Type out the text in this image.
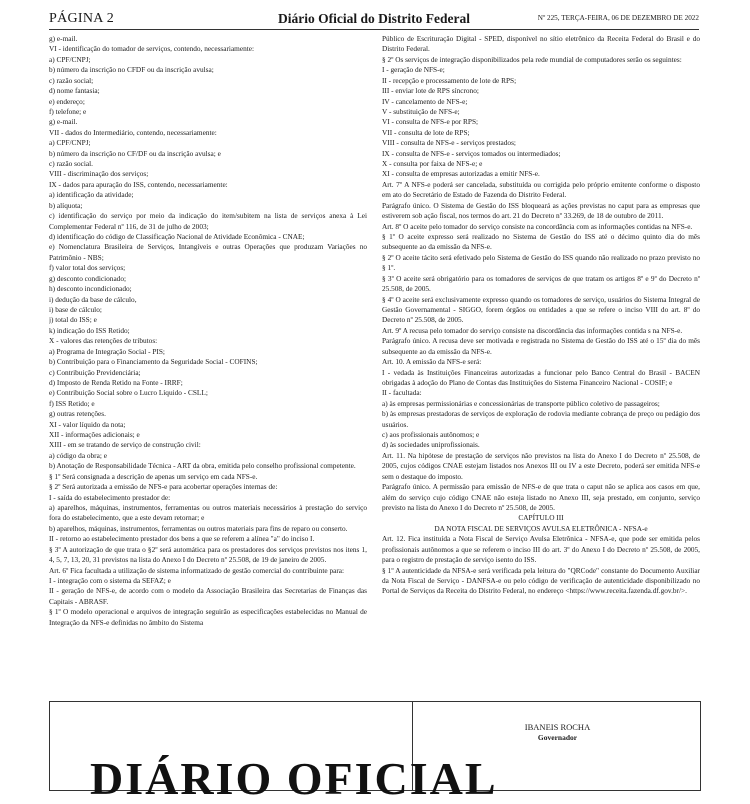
PÁGINA 2	Diário Oficial do Distrito Federal	Nº 225, TERÇA-FEIRA, 06 DE DEZEMBRO DE 2022

g) e-mail.

VI - identificação do tomador de serviços, contendo, necessariamente:

a) CPF/CNPJ;

b) número da inscrição no CFDF ou da inscrição avulsa;

c) razão social;

d) nome fantasia;

e) endereço;

f) telefone; e

g) e-mail.

VII - dados do Intermediário, contendo, necessariamente:

a) CPF/CNPJ;

b) número da inscrição no CF/DF ou da inscrição avulsa; e

c) razão social.

VIII - discriminação dos serviços;

IX - dados para apuração do ISS, contendo, necessariamente:

a) identificação da atividade;

b) alíquota;

c) identificação do serviço por meio da indicação do item/subitem na lista de serviços anexa à Lei Complementar Federal nº 116, de 31 de julho de 2003;

d) identificação do código de Classificação Nacional de Atividade Econômica - CNAE;

e) Nomenclatura Brasileira de Serviços, Intangíveis e outras Operações que produzam Variações no Patrimônio - NBS;

f) valor total dos serviços;

g) desconto condicionado;

h) desconto incondicionado;

i) dedução da base de cálculo,

i) base de cálculo;

j) total do ISS; e

k) indicação do ISS Retido;

X - valores das retenções de tributos:

a) Programa de Integração Social - PIS;

b) Contribuição para o Financiamento da Seguridade Social - COFINS;

c) Contribuição Previdenciária;

d) Imposto de Renda Retido na Fonte - IRRF;

e) Contribuição Social sobre o Lucro Líquido - CSLL;

f) ISS Retido; e

g) outras retenções.

XI - valor líquido da nota;

XII - informações adicionais; e

XIII - em se tratando de serviço de construção civil:

a) código da obra; e

b) Anotação de Responsabilidade Técnica - ART da obra, emitida pelo conselho profissional competente.

§ 1º Será consignada a descrição de apenas um serviço em cada NFS-e.

§ 2º Será autorizada a emissão de NFS-e para acobertar operações internas de:

I - saída do estabelecimento prestador de:

a) aparelhos, máquinas, instrumentos, ferramentas ou outros materiais necessários à prestação do serviço fora do estabelecimento, que a este devam retornar; e

b) aparelhos, máquinas, instrumentos, ferramentas ou outros materiais para fins de reparo ou conserto.

II - retorno ao estabelecimento prestador dos bens a que se referem a alínea "a" do inciso I.

§ 3º A autorização de que trata o §2º será automática para os prestadores dos serviços previstos nos itens 1, 4, 5, 7, 13, 20, 31 previstos na lista do Anexo I do Decreto nº 25.508, de 19 de janeiro de 2005.

Art. 6º Fica facultada a utilização de sistema informatizado de gestão comercial do contribuinte para:

I - integração com o sistema da SEFAZ; e

II - geração de NFS-e, de acordo com o modelo da Associação Brasileira das Secretarias de Finanças das Capitais - ABRASF.

§ 1º O modelo operacional e arquivos de integração seguirão as especificações estabelecidas no Manual de Integração da NFS-e definidas no âmbito do Sistema

Público de Escrituração Digital - SPED, disponível no sítio eletrônico da Receita Federal do Brasil e do Distrito Federal.

§ 2º Os serviços de integração disponibilizados pela rede mundial de computadores serão os seguintes:

I - geração de NFS-e;

II - recepção e processamento de lote de RPS;

III - enviar lote de RPS síncrono;

IV - cancelamento de NFS-e;

V - substituição de NFS-e;

VI - consulta de NFS-e por RPS;

VII - consulta de lote de RPS;

VIII - consulta de NFS-e - serviços prestados;

IX - consulta de NFS-e - serviços tomados ou intermediados;

X - consulta por faixa de NFS-e; e

XI - consulta de empresas autorizadas a emitir NFS-e.

Art. 7º A NFS-e poderá ser cancelada, substituída ou corrigida pelo próprio emitente conforme o disposto em ato do Secretário de Estado de Fazenda do Distrito Federal.

Parágrafo único. O Sistema de Gestão do ISS bloqueará as ações previstas no caput para as empresas que estiverem sob ação fiscal, nos termos do art. 21 do Decreto nº 33.269, de 18 de outubro de 2011.

Art. 8º O aceite pelo tomador do serviço consiste na concordância com as informações contidas na NFS-e.

§ 1º O aceite expresso será realizado no Sistema de Gestão do ISS até o décimo quinto dia do mês subsequente ao da emissão da NFS-e.

§ 2º O aceite tácito será efetivado pelo Sistema de Gestão do ISS quando não realizado no prazo previsto no § 1º.

§ 3º O aceite será obrigatório para os tomadores de serviços de que tratam os artigos 8º e 9º do Decreto nº 25.508, de 2005.

§ 4º O aceite será exclusivamente expresso quando os tomadores de serviço, usuários do Sistema Integral de Gestão Governamental - SIGGO, forem órgãos ou entidades a que se refere o inciso VIII do art. 8º do Decreto nº 25.508, de 2005.

Art. 9º A recusa pelo tomador do serviço consiste na discordância das informações contida s na NFS-e.

Parágrafo único. A recusa deve ser motivada e registrada no Sistema de Gestão do ISS até o 15º dia do mês subsequente ao da emissão da NFS-e.

Art. 10. A emissão da NFS-e será:

I - vedada às Instituições Financeiras autorizadas a funcionar pelo Banco Central do Brasil - BACEN obrigadas à adoção do Plano de Contas das Instituições do Sistema Financeiro Nacional - COSIF; e

II - facultada:

a) às empresas permissionárias e concessionárias de transporte público coletivo de passageiros;

b) às empresas prestadoras de serviços de exploração de rodovia mediante cobrança de preço ou pedágio dos usuários.

c) aos profissionais autônomos; e

d) às sociedades uniprofissionais.

Art. 11. Na hipótese de prestação de serviços não previstos na lista do Anexo I do Decreto nº 25.508, de 2005, cujos códigos CNAE estejam listados nos Anexos III ou IV a este Decreto, poderá ser emitida NFS-e sem o destaque do imposto.

Parágrafo único. A permissão para emissão de NFS-e de que trata o caput não se aplica aos casos em que, além do serviço cujo código CNAE não esteja listado no Anexo III, seja prestado, em conjunto, serviço previsto na lista do Anexo I do Decreto nº 25.508, de 2005.

CAPÍTULO III

DA NOTA FISCAL DE SERVIÇOS AVULSA ELETRÔNICA - NFSA-e

Art. 12. Fica instituída a Nota Fiscal de Serviço Avulsa Eletrônica - NFSA-e, que pode ser emitida pelos profissionais autônomos a que se referem o inciso III do art. 3º do Anexo I do Decreto nº 25.508, de 2005, para o registro de prestação de serviço isento do ISS.

§ 1º A autenticidade da NFSA-e será verificada pela leitura do "QRCode" constante do Documento Auxiliar da Nota Fiscal de Serviço - DANFSA-e ou pelo código de verificação de autenticidade disponibilizado no Portal de Serviços da Receita do Distrito Federal, no endereço <https://www.receita.fazenda.df.gov.br/>.

DIÁRIO OFICIAL
IBANEIS ROCHA
Governador
